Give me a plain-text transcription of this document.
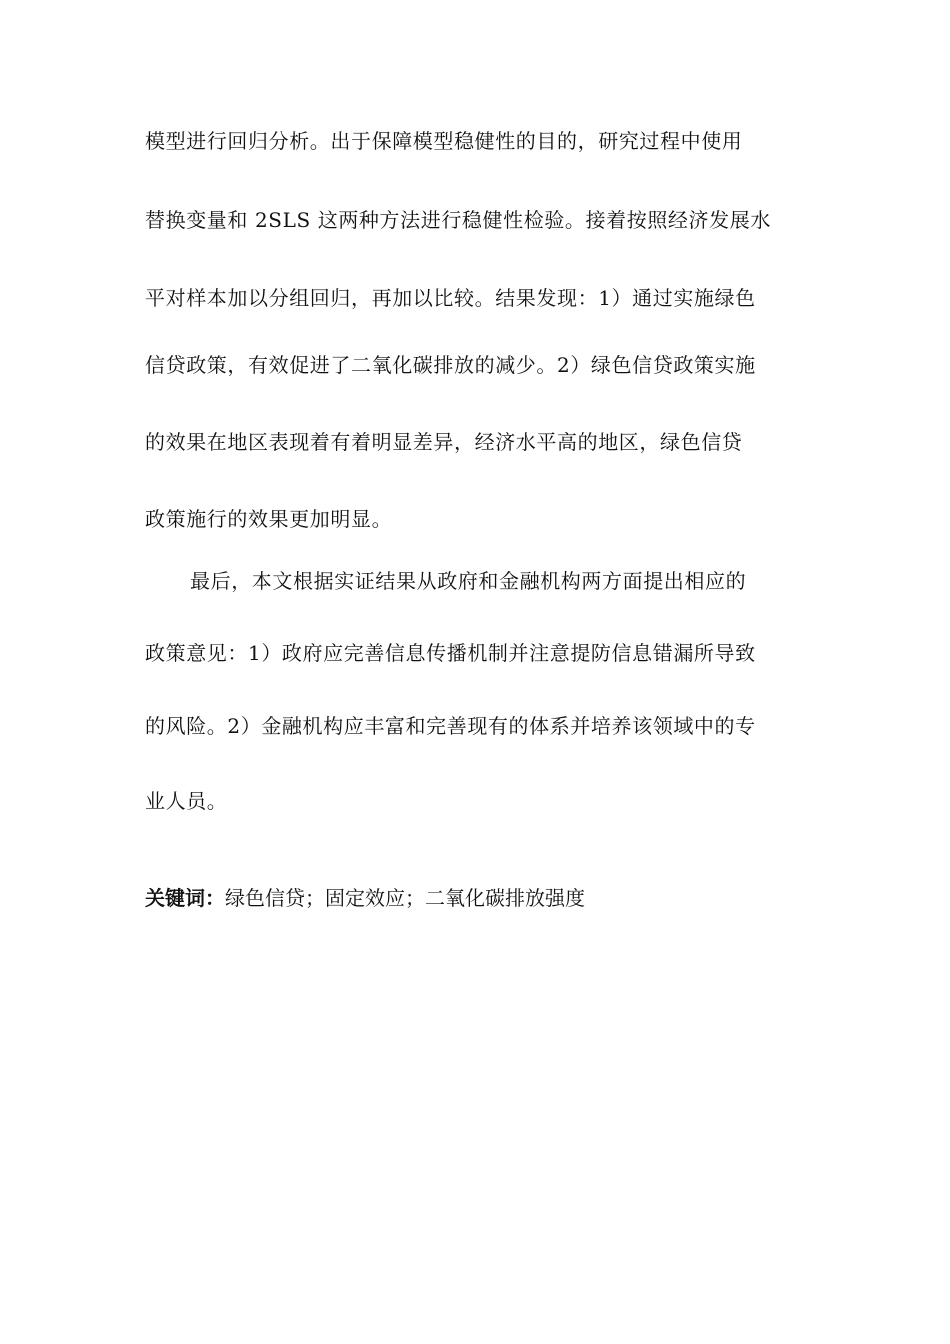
模型进行回归分析。出于保障模型稳健性的目的，研究过程中使用
替换变量和 2SLS 这两种方法进行稳健性检验。接着按照经济发展水
平对样本加以分组回归，再加以比较。结果发现：1）通过实施绿色
信贷政策，有效促进了二氧化碳排放的减少。2）绿色信贷政策实施
的效果在地区表现着有着明显差异，经济水平高的地区，绿色信贷
政策施行的效果更加明显。
最后，本文根据实证结果从政府和金融机构两方面提出相应的
政策意见：1）政府应完善信息传播机制并注意提防信息错漏所导致
的风险。2）金融机构应丰富和完善现有的体系并培养该领域中的专
业人员。
关键词：绿色信贷；固定效应；二氧化碳排放强度
